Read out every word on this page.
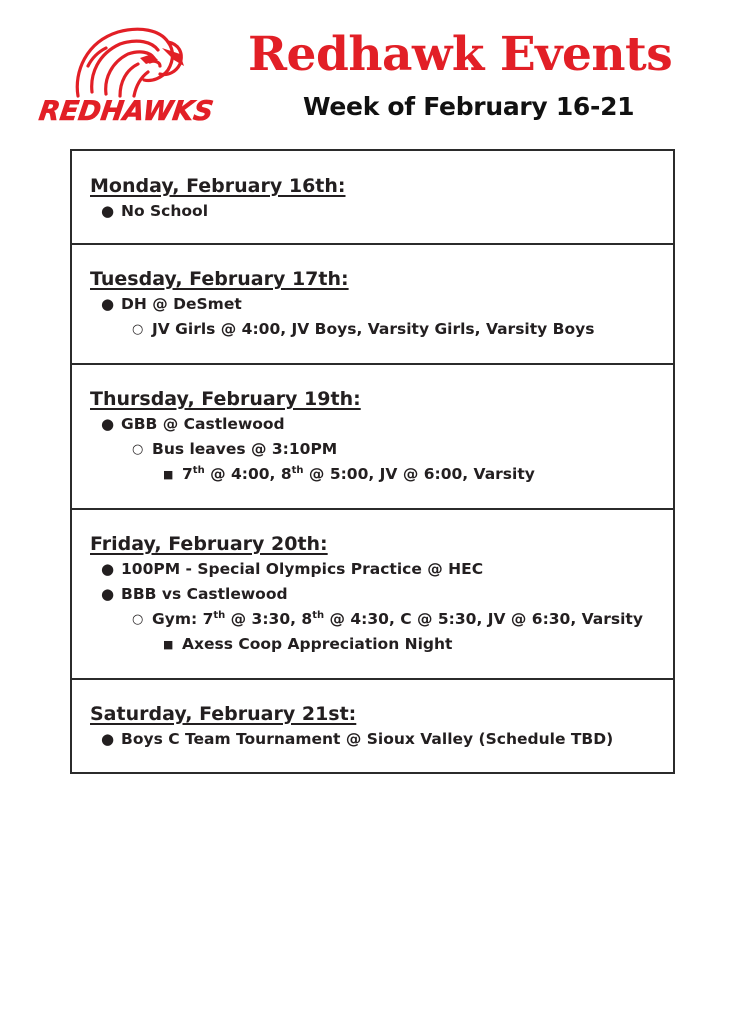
REDHAWKS
Redhawk Events
Week of February 16-21

Monday, February 16th:

● No School

Tuesday, February 17th:

● DH @ DeSmet
○ JV Girls @ 4:00, JV Boys, Varsity Girls, Varsity Boys

Thursday, February 19th:

● GBB @ Castlewood
○ Bus leaves @ 3:10PM
■ 7th @ 4:00, 8th @ 5:00, JV @ 6:00, Varsity

Friday, February 20th:

● 100PM - Special Olympics Practice @ HEC
● BBB vs Castlewood
○ Gym: 7th @ 3:30, 8th @ 4:30, C @ 5:30, JV @ 6:30, Varsity
■ Axess Coop Appreciation Night

Saturday, February 21st:

● Boys C Team Tournament @ Sioux Valley (Schedule TBD)
